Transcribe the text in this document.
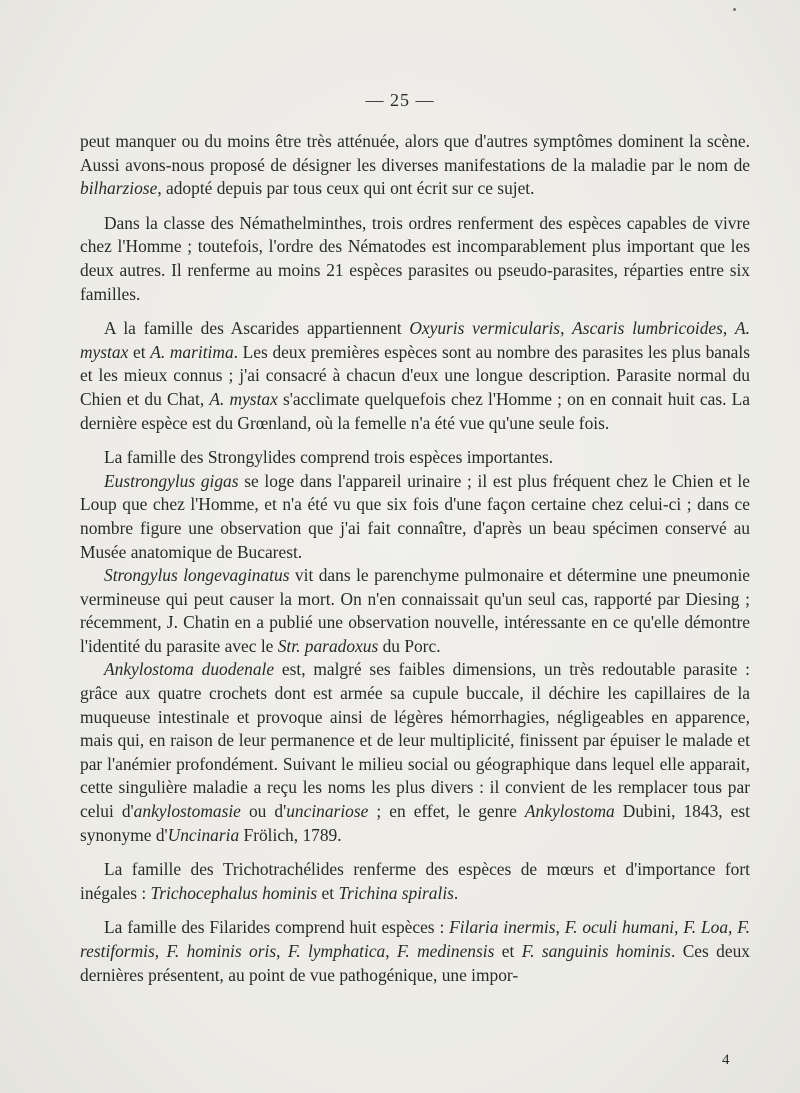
— 25 —

peut manquer ou du moins être très atténuée, alors que d'autres symptômes dominent la scène. Aussi avons-nous proposé de désigner les diverses manifestations de la maladie par le nom de bilharziose, adopté depuis par tous ceux qui ont écrit sur ce sujet.

Dans la classe des Némathelminthes, trois ordres renferment des espèces capables de vivre chez l'Homme ; toutefois, l'ordre des Nématodes est incomparablement plus important que les deux autres. Il renferme au moins 21 espèces parasites ou pseudo-parasites, réparties entre six familles.

A la famille des Ascarides appartiennent Oxyuris vermicularis, Ascaris lumbricoides, A. mystax et A. maritima. Les deux premières espèces sont au nombre des parasites les plus banals et les mieux connus ; j'ai consacré à chacun d'eux une longue description. Parasite normal du Chien et du Chat, A. mystax s'acclimate quelquefois chez l'Homme ; on en connait huit cas. La dernière espèce est du Grœnland, où la femelle n'a été vue qu'une seule fois.

La famille des Strongylides comprend trois espèces importantes.

Eustrongylus gigas se loge dans l'appareil urinaire ; il est plus fréquent chez le Chien et le Loup que chez l'Homme, et n'a été vu que six fois d'une façon certaine chez celui-ci ; dans ce nombre figure une observation que j'ai fait connaître, d'après un beau spécimen conservé au Musée anatomique de Bucarest.

Strongylus longevaginatus vit dans le parenchyme pulmonaire et détermine une pneumonie vermineuse qui peut causer la mort. On n'en connaissait qu'un seul cas, rapporté par Diesing ; récemment, J. Chatin en a publié une observation nouvelle, intéressante en ce qu'elle démontre l'identité du parasite avec le Str. paradoxus du Porc.

Ankylostoma duodenale est, malgré ses faibles dimensions, un très redoutable parasite : grâce aux quatre crochets dont est armée sa cupule buccale, il déchire les capillaires de la muqueuse intestinale et provoque ainsi de légères hémorrhagies, négligeables en apparence, mais qui, en raison de leur permanence et de leur multiplicité, finissent par épuiser le malade et par l'anémier profondément. Suivant le milieu social ou géographique dans lequel elle apparait, cette singulière maladie a reçu les noms les plus divers : il convient de les remplacer tous par celui d'ankylostomasie ou d'uncinariose ; en effet, le genre Ankylostoma Dubini, 1843, est synonyme d'Uncinaria Frölich, 1789.

La famille des Trichotrachélides renferme des espèces de mœurs et d'importance fort inégales : Trichocephalus hominis et Trichina spiralis.

La famille des Filarides comprend huit espèces : Filaria inermis, F. oculi humani, F. Loa, F. restiformis, F. hominis oris, F. lymphatica, F. medinensis et F. sanguinis hominis. Ces deux dernières présentent, au point de vue pathogénique, une impor-

4
